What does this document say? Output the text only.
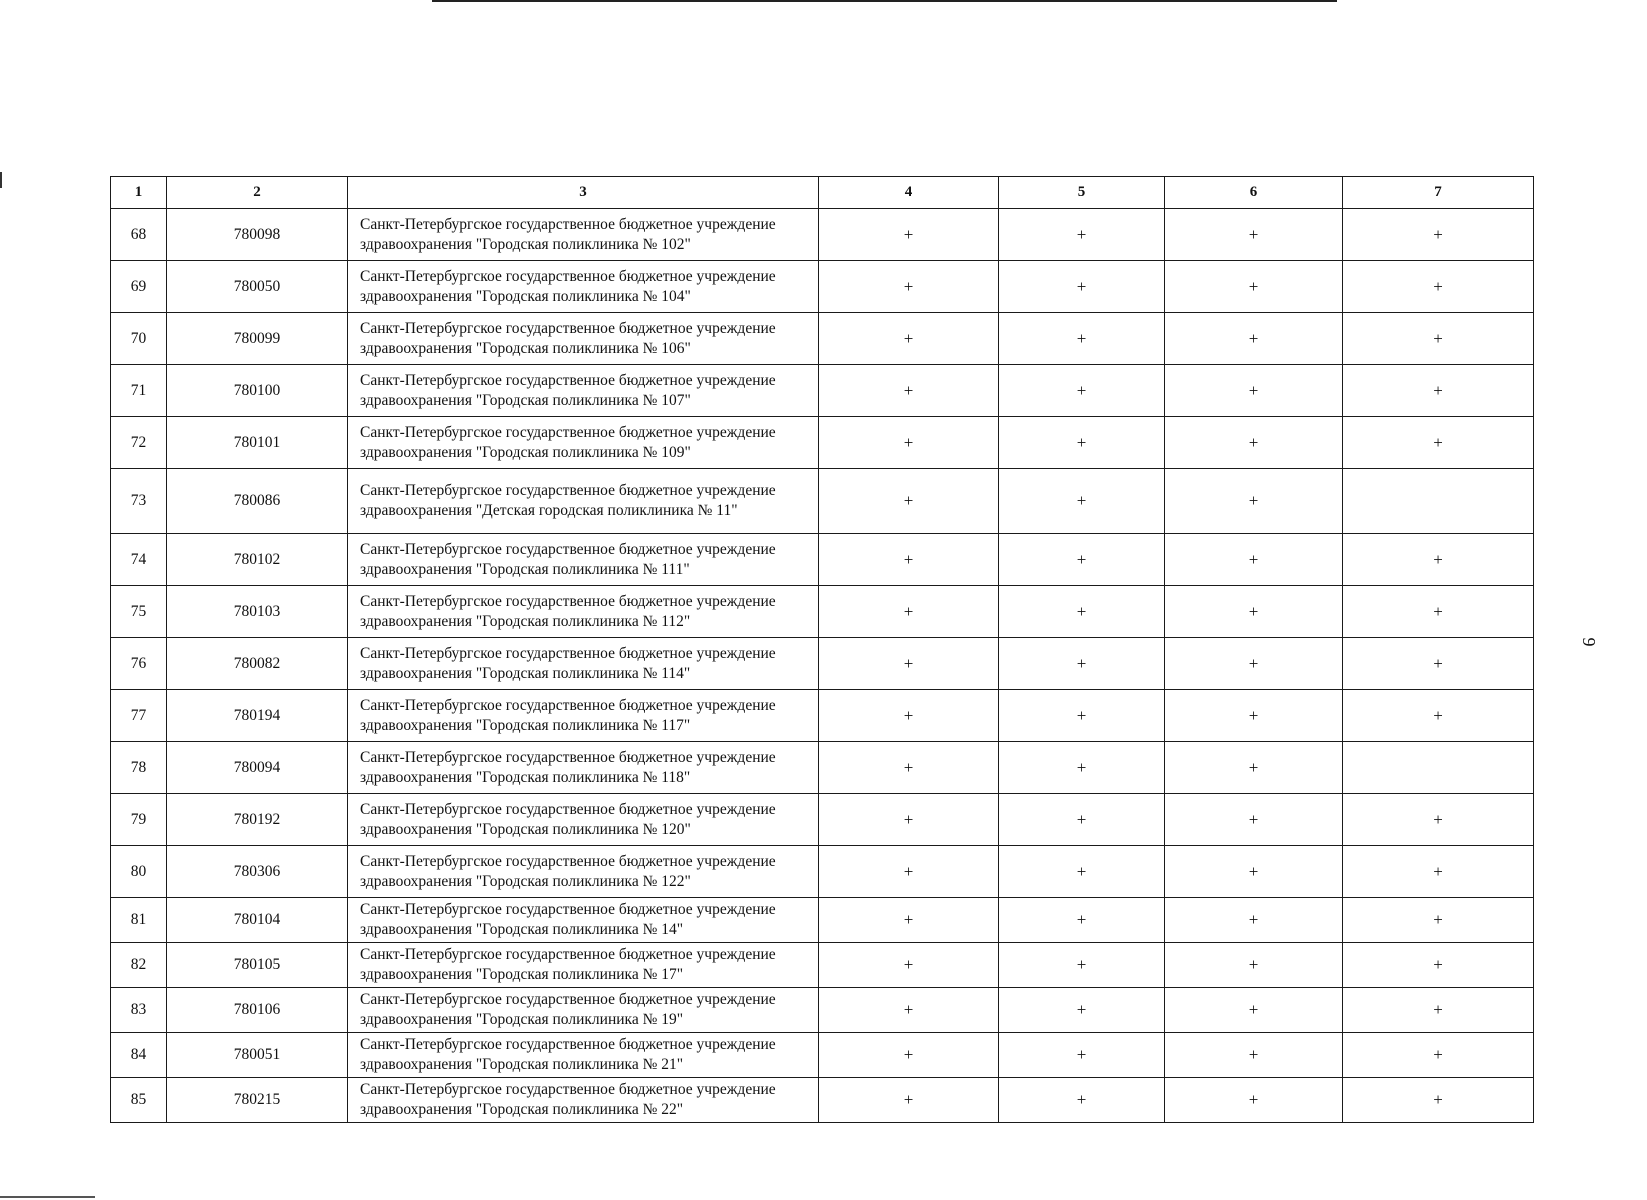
9
1	2	3	4	5	6	7
68	780098	Санкт-Петербургское государственное бюджетное учреждение здравоохранения "Городская поликлиника № 102"	+	+	+	+
69	780050	Санкт-Петербургское государственное бюджетное учреждение здравоохранения "Городская поликлиника № 104"	+	+	+	+
70	780099	Санкт-Петербургское государственное бюджетное учреждение здравоохранения "Городская поликлиника № 106"	+	+	+	+
71	780100	Санкт-Петербургское государственное бюджетное учреждение здравоохранения "Городская поликлиника № 107"	+	+	+	+
72	780101	Санкт-Петербургское государственное бюджетное учреждение здравоохранения "Городская поликлиника № 109"	+	+	+	+
73	780086	Санкт-Петербургское государственное бюджетное учреждение здравоохранения "Детская городская поликлиника № 11"	+	+	+	
74	780102	Санкт-Петербургское государственное бюджетное учреждение здравоохранения "Городская поликлиника № 111"	+	+	+	+
75	780103	Санкт-Петербургское государственное бюджетное учреждение здравоохранения "Городская поликлиника № 112"	+	+	+	+
76	780082	Санкт-Петербургское государственное бюджетное учреждение здравоохранения "Городская поликлиника № 114"	+	+	+	+
77	780194	Санкт-Петербургское государственное бюджетное учреждение здравоохранения "Городская поликлиника № 117"	+	+	+	+
78	780094	Санкт-Петербургское государственное бюджетное учреждение здравоохранения "Городская поликлиника № 118"	+	+	+	
79	780192	Санкт-Петербургское государственное бюджетное учреждение здравоохранения "Городская поликлиника № 120"	+	+	+	+
80	780306	Санкт-Петербургское государственное бюджетное учреждение здравоохранения "Городская поликлиника № 122"	+	+	+	+
81	780104	Санкт-Петербургское государственное бюджетное учреждение здравоохранения "Городская поликлиника № 14"	+	+	+	+
82	780105	Санкт-Петербургское государственное бюджетное учреждение здравоохранения "Городская поликлиника № 17"	+	+	+	+
83	780106	Санкт-Петербургское государственное бюджетное учреждение здравоохранения "Городская поликлиника № 19"	+	+	+	+
84	780051	Санкт-Петербургское государственное бюджетное учреждение здравоохранения "Городская поликлиника № 21"	+	+	+	+
85	780215	Санкт-Петербургское государственное бюджетное учреждение здравоохранения "Городская поликлиника № 22"	+	+	+	+
